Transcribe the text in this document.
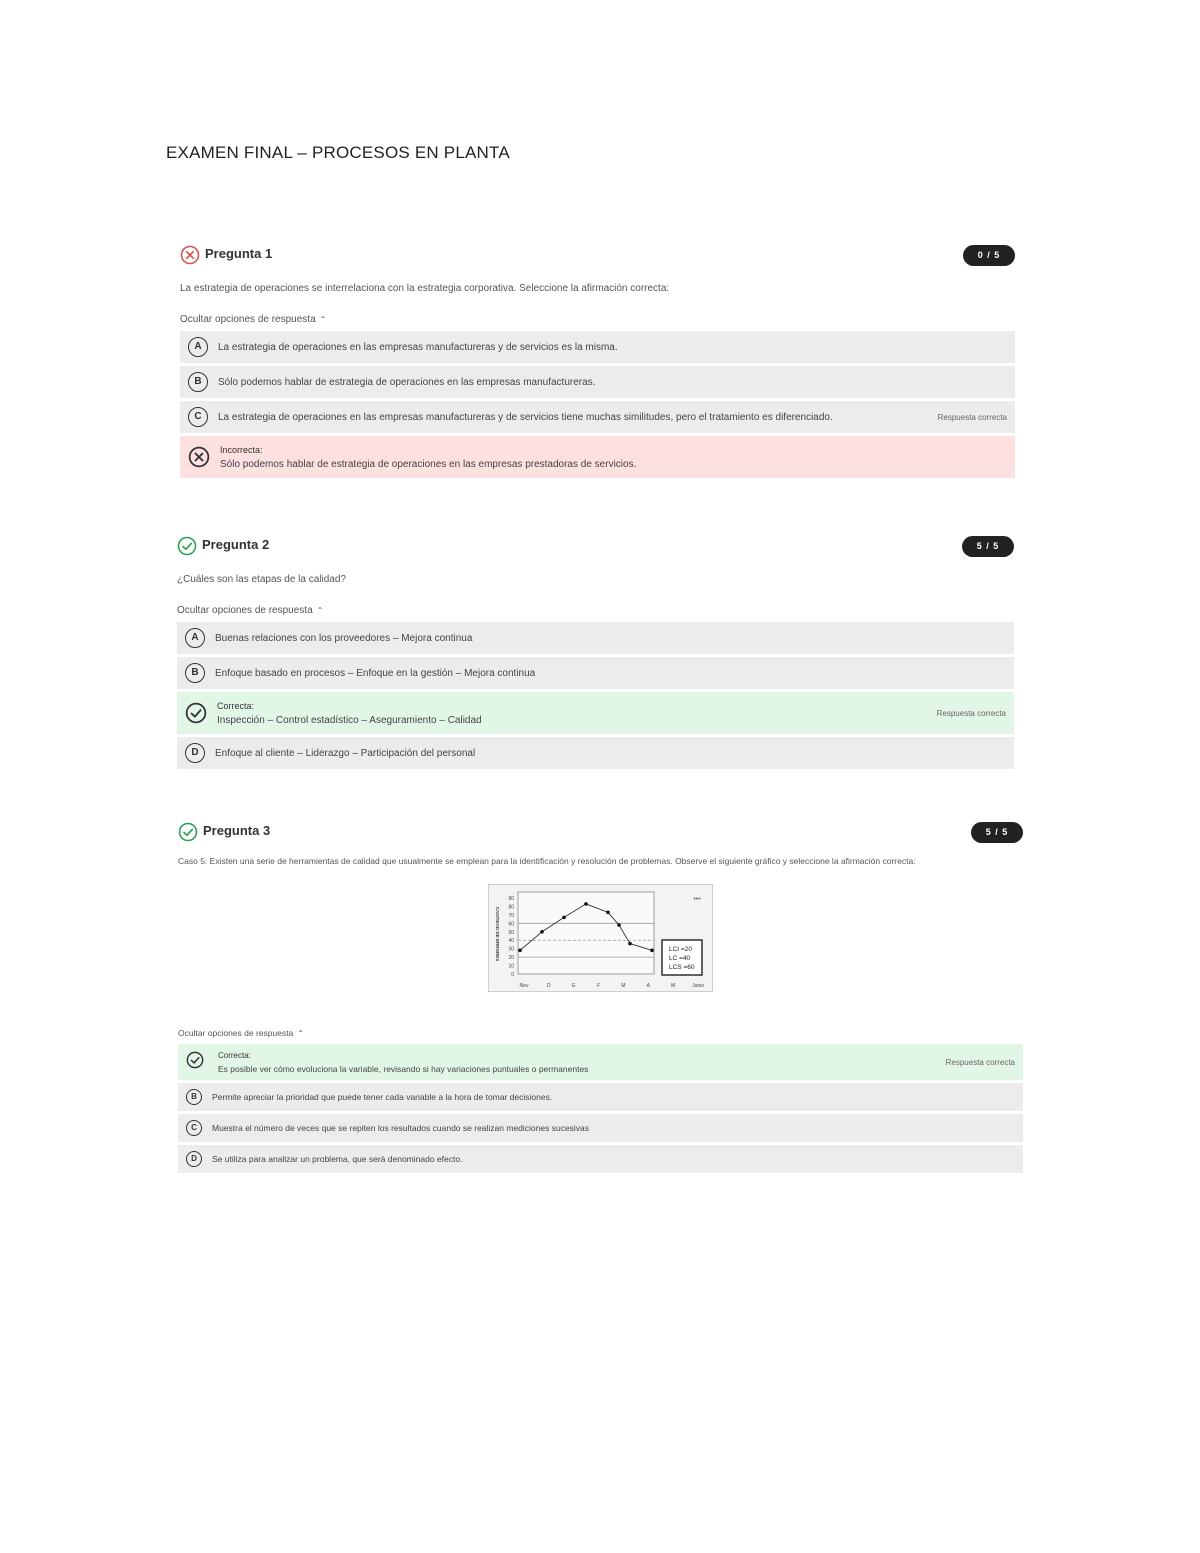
EXAMEN FINAL – PROCESOS EN PLANTA
Pregunta 1	0 / 5
La estrategia de operaciones se interrelaciona con la estrategia corporativa. Seleccione la afirmación correcta:
Ocultar opciones de respuesta ⌃
A	La estrategia de operaciones en las empresas manufactureras y de servicios es la misma.
B	Sólo podemos hablar de estrategia de operaciones en las empresas manufactureras.
C	La estrategia de operaciones en las empresas manufactureras y de servicios tiene muchas similitudes, pero el tratamiento es diferenciado.	Respuesta correcta
Incorrecta:
Sólo podemos hablar de estrategia de operaciones en las empresas prestadoras de servicios.
Pregunta 2	5 / 5
¿Cuáles son las etapas de la calidad?
Ocultar opciones de respuesta ⌃
A	Buenas relaciones con los proveedores – Mejora continua
B	Enfoque basado en procesos – Enfoque en la gestión – Mejora continua
Correcta:
Inspección – Control estadístico – Aseguramiento – Calidad
Respuesta correcta
D	Enfoque al cliente – Liderazgo – Participación del personal
Pregunta 3	5 / 5
Caso 5: Existen una serie de herramientas de calidad que usualmente se emplean para la identificación y resolución de problemas. Observe el siguiente gráfico y seleccione la afirmación correcta:
Ocultar opciones de respuesta ⌃
Correcta:
Es posible ver cómo evoluciona la variable, revisando si hay variaciones puntuales o permanentes
Respuesta correcta
B	Permite apreciar la prioridad que puede tener cada variable a la hora de tomar decisiones.
C	Muestra el número de veces que se repiten los resultados cuando se realizan mediciones sucesivas
D	Se utiliza para analizar un problema, que será denominado efecto.
0
10
20
30
40
50
60
70
80
90
CANTIDAD DE ERRORES
Nov	D	E	F	M	A	M	Junio
•••
LCI =20
LC =40
LCS =60
